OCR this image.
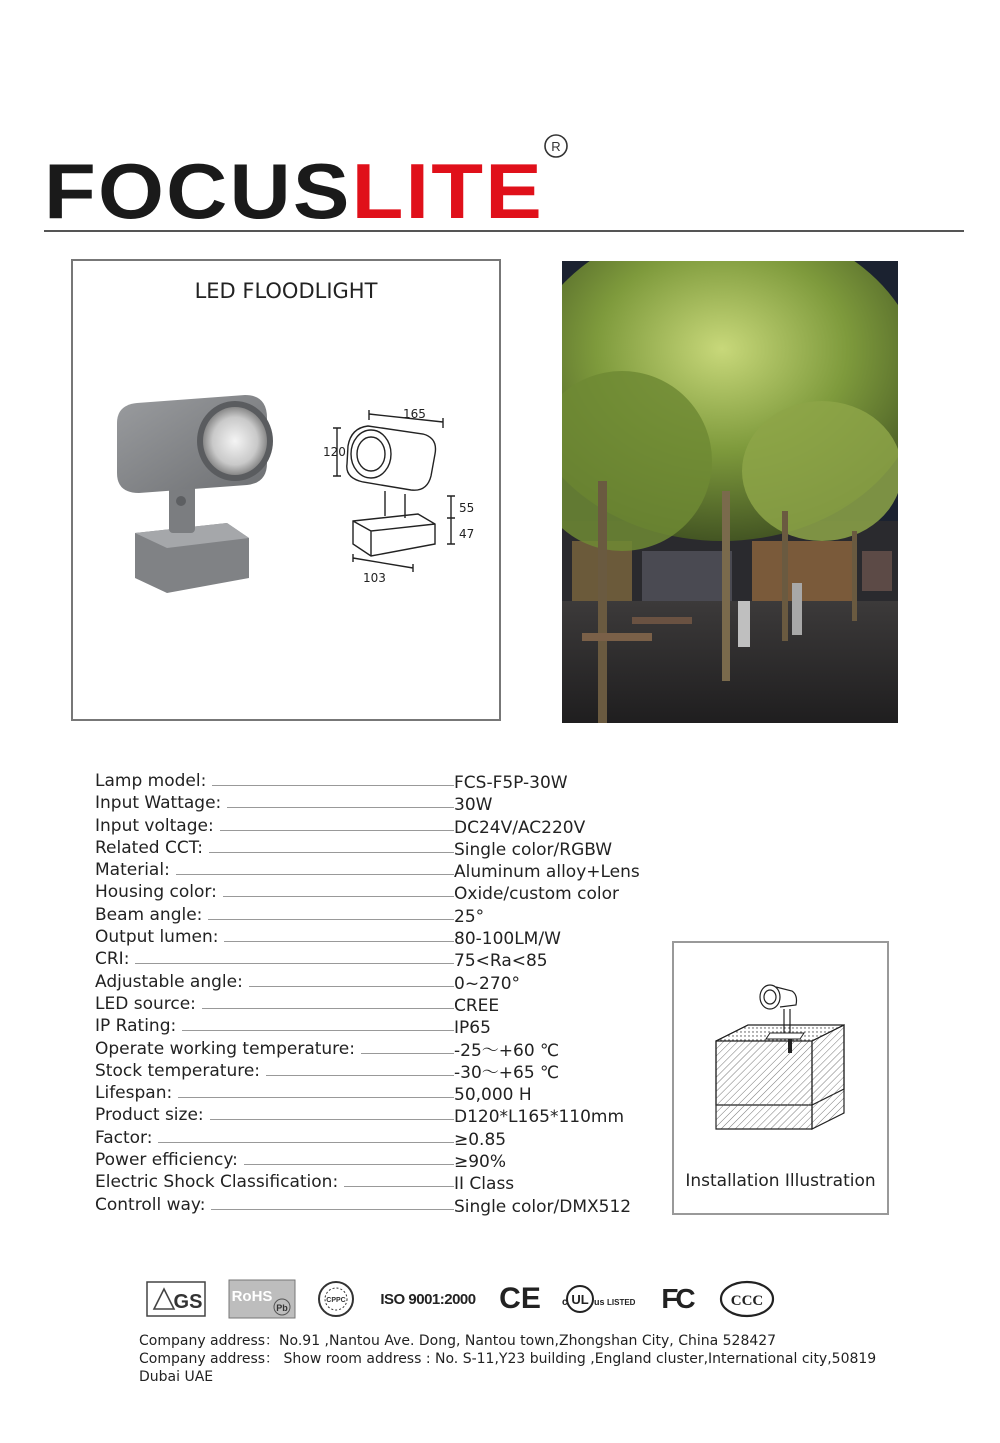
FOCUS LITE
R
LED FLOODLIGHT
165
120
55
47
103
Lamp model:	FCS-F5P-30W
Input Wattage:	30W
Input voltage:	DC24V/AC220V
Related CCT:	Single color/RGBW
Material:	Aluminum alloy+Lens
Housing color:	Oxide/custom color
Beam angle:	25°
Output lumen:	80-100LM/W
CRI:	75<Ra<85
Adjustable angle:	0~270°
LED source:	CREE
IP Rating:	IP65
Operate working temperature:	-25～+60 ℃
Stock temperature:	-30～+65 ℃
Lifespan:	50,000 H
Product size:	D120*L165*110mm
Factor:	≥0.85
Power efficiency:	≥90%
Electric Shock Classification:	II Class
Controll way:	Single color/DMX512
Installation Illustration
GS RoHS
Pb
CPPC ISO 9001:2000 CE c UL us LISTED FC	CCC
Company address：No.91 ,Nantou Ave. Dong, Nantou town,Zhongshan City, China 528427
Company address： Show room address : No. S-11,Y23 building ,England cluster,International city,50819 Dubai UAE
